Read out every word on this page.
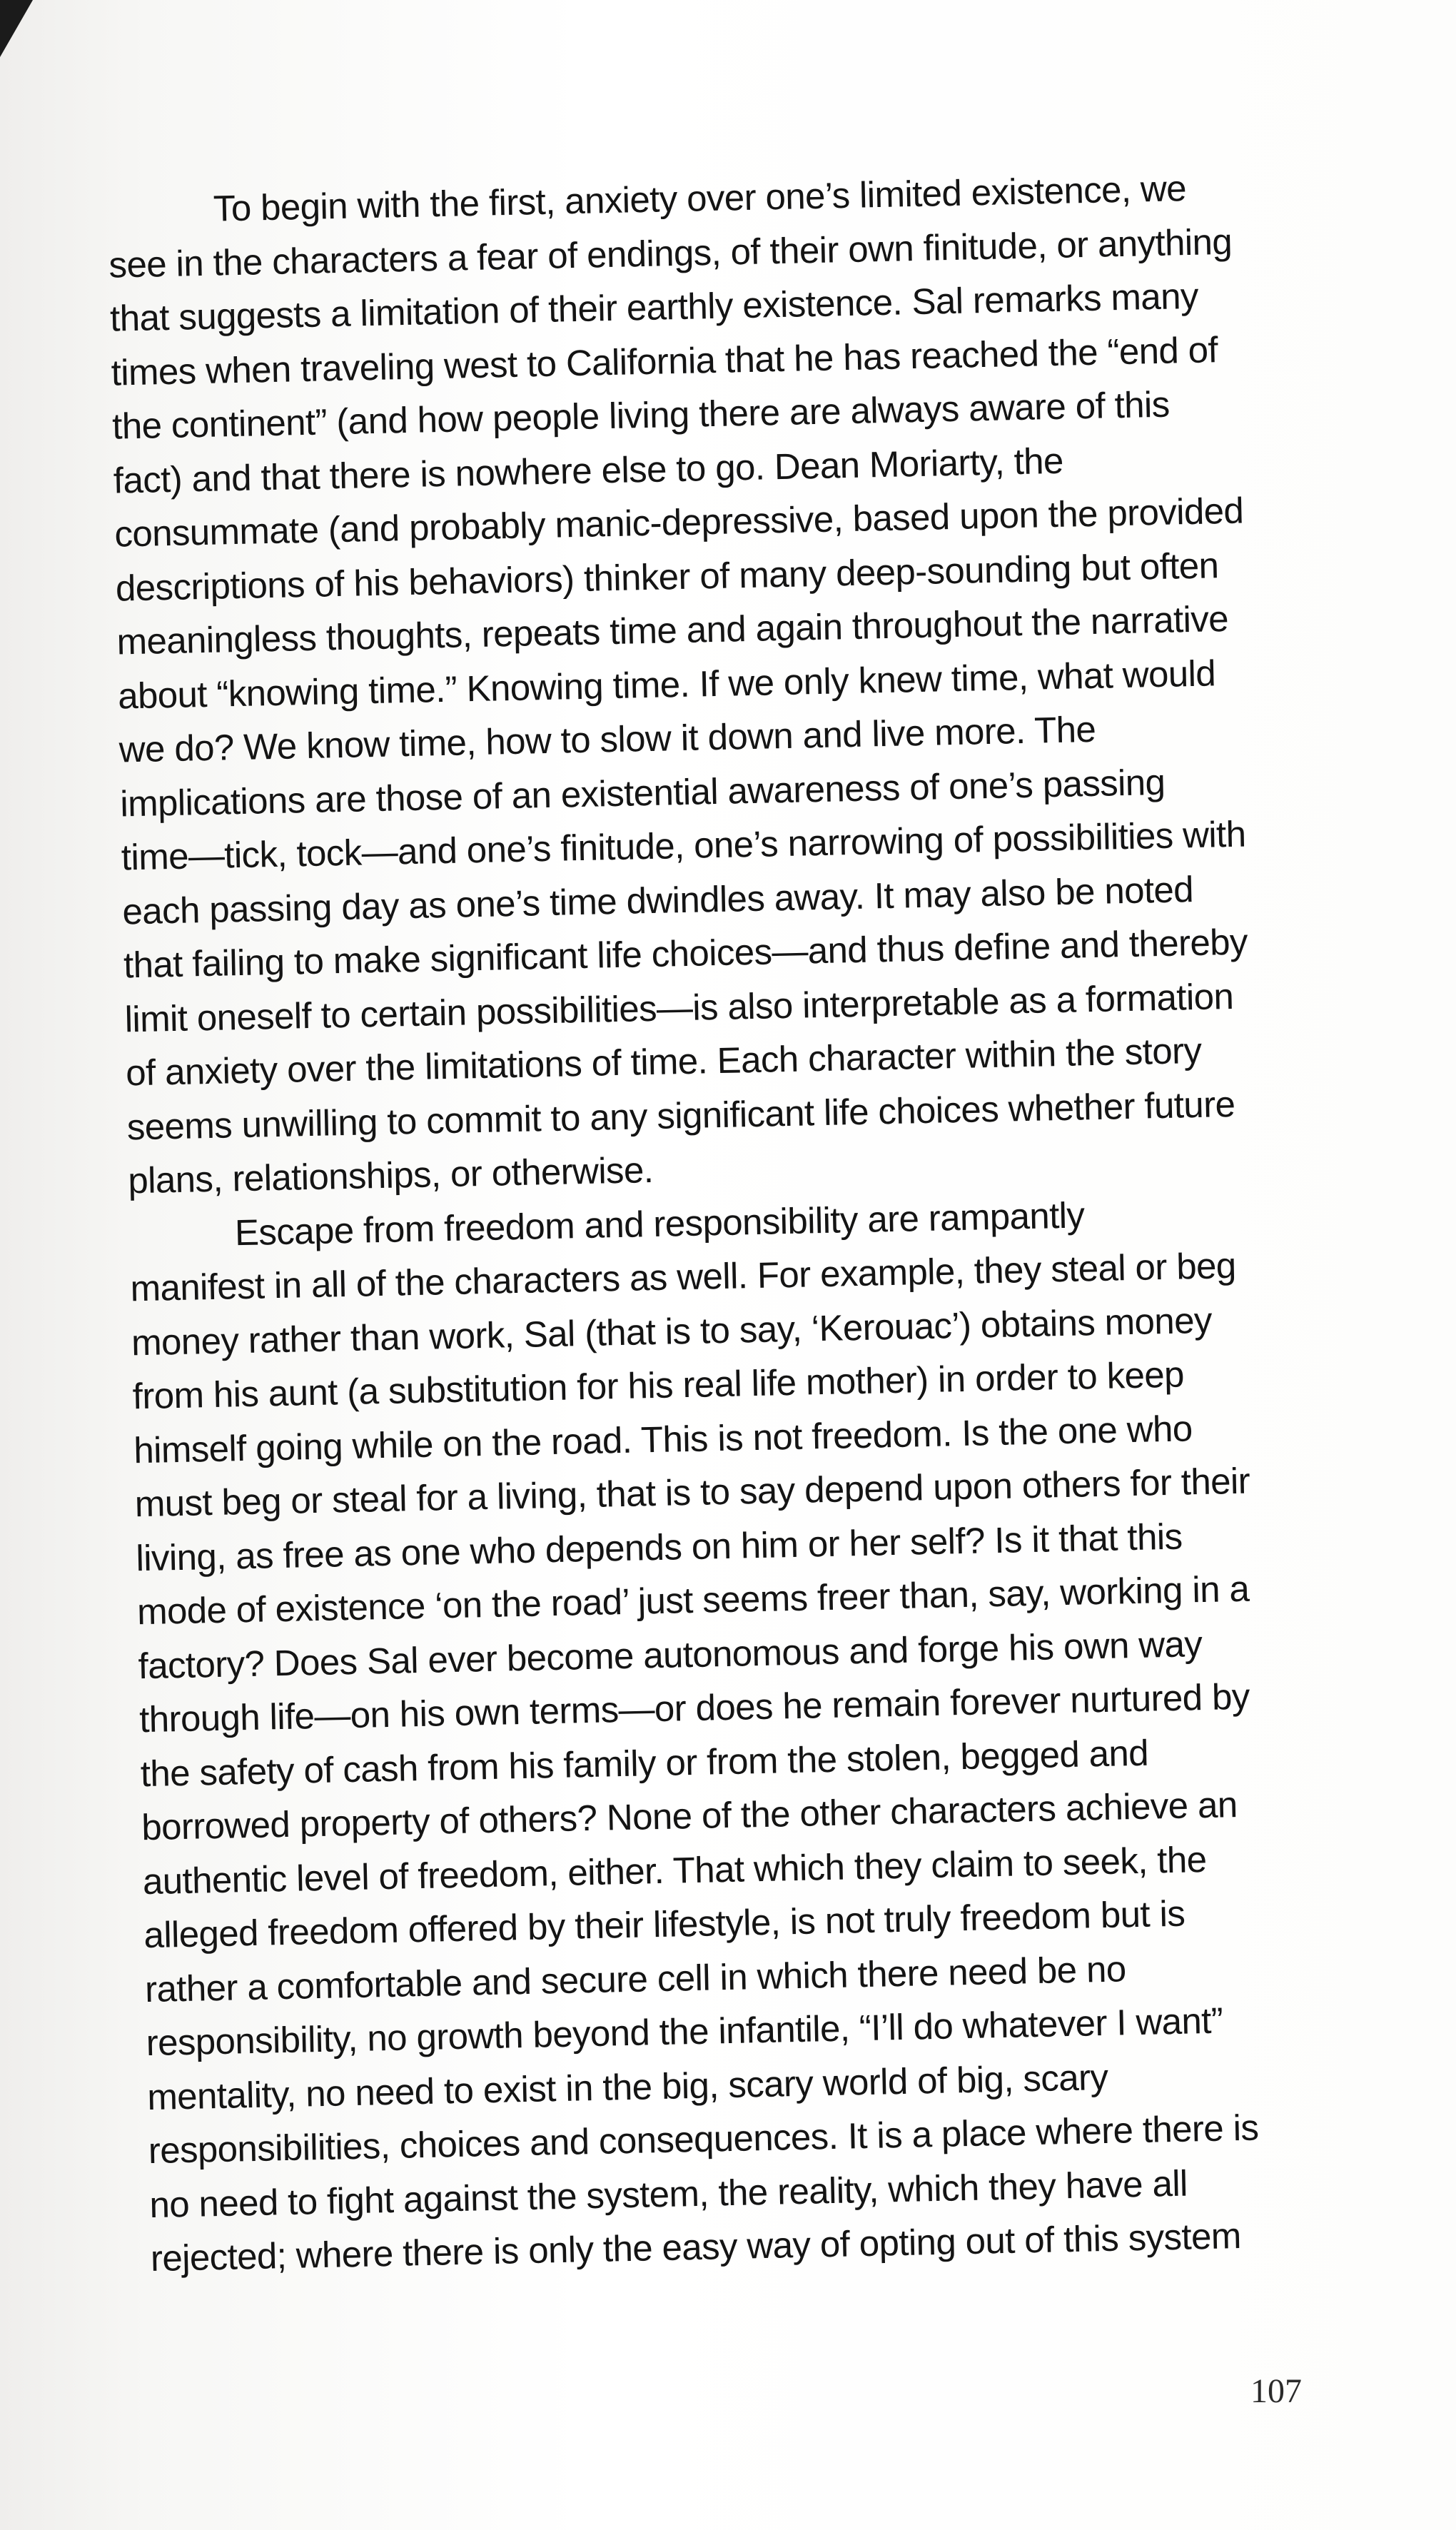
To begin with the first, anxiety over one’s limited existence, we
see in the characters a fear of endings, of their own finitude, or anything
that suggests a limitation of their earthly existence. Sal remarks many
times when traveling west to California that he has reached the “end of
the continent” (and how people living there are always aware of this
fact) and that there is nowhere else to go. Dean Moriarty, the
consummate (and probably manic-depressive, based upon the provided
descriptions of his behaviors) thinker of many deep-sounding but often
meaningless thoughts, repeats time and again throughout the narrative
about “knowing time.” Knowing time. If we only knew time, what would
we do? We know time, how to slow it down and live more. The
implications are those of an existential awareness of one’s passing
time—tick, tock—and one’s finitude, one’s narrowing of possibilities with
each passing day as one’s time dwindles away. It may also be noted
that failing to make significant life choices—and thus define and thereby
limit oneself to certain possibilities—is also interpretable as a formation
of anxiety over the limitations of time. Each character within the story
seems unwilling to commit to any significant life choices whether future
plans, relationships, or otherwise.
Escape from freedom and responsibility are rampantly
manifest in all of the characters as well. For example, they steal or beg
money rather than work, Sal (that is to say, ‘Kerouac’) obtains money
from his aunt (a substitution for his real life mother) in order to keep
himself going while on the road. This is not freedom. Is the one who
must beg or steal for a living, that is to say depend upon others for their
living, as free as one who depends on him or her self? Is it that this
mode of existence ‘on the road’ just seems freer than, say, working in a
factory? Does Sal ever become autonomous and forge his own way
through life—on his own terms—or does he remain forever nurtured by
the safety of cash from his family or from the stolen, begged and
borrowed property of others? None of the other characters achieve an
authentic level of freedom, either. That which they claim to seek, the
alleged freedom offered by their lifestyle, is not truly freedom but is
rather a comfortable and secure cell in which there need be no
responsibility, no growth beyond the infantile, “I’ll do whatever I want”
mentality, no need to exist in the big, scary world of big, scary
responsibilities, choices and consequences. It is a place where there is
no need to fight against the system, the reality, which they have all
rejected; where there is only the easy way of opting out of this system
107
